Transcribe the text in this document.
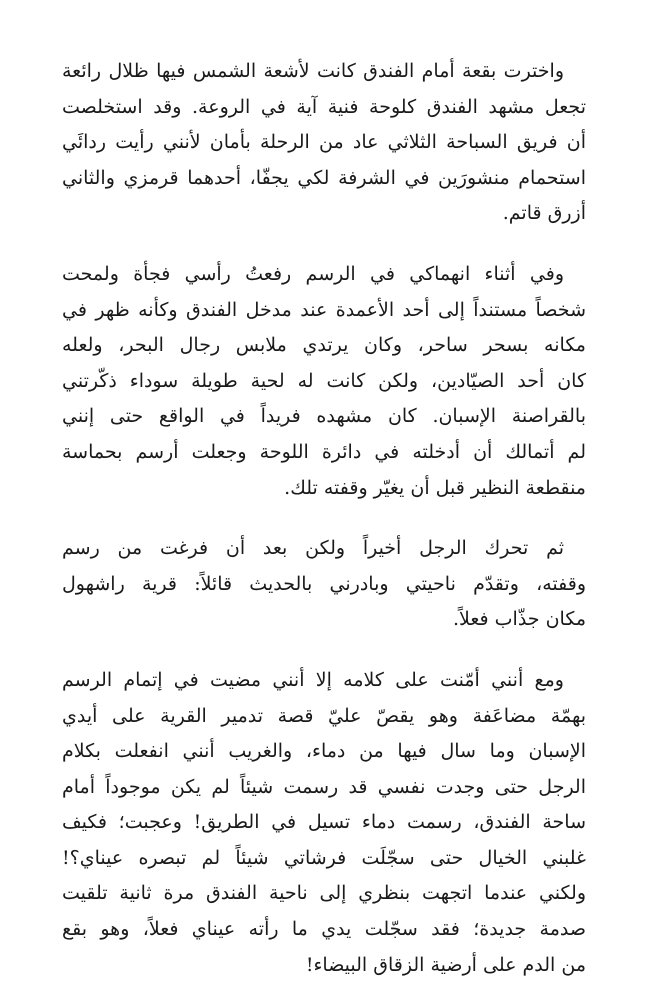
واخترت بقعة أمام الفندق كانت لأشعة الشمس فيها ظلال رائعة
تجعل مشهد الفندق كلوحة فنية آية في الروعة. وقد استخلصت
أن فريق السباحة الثلاثي عاد من الرحلة بأمان لأنني رأيت ردائَي
استحمام منشورَين في الشرفة لكي يجفّا، أحدهما قرمزي والثاني
أزرق قاتم.
وفي أثناء انهماكي في الرسم رفعتُ رأسي فجأة ولمحت
شخصاً مستنداً إلى أحد الأعمدة عند مدخل الفندق وكأنه ظهر في
مكانه بسحر ساحر، وكان يرتدي ملابس رجال البحر، ولعله
كان أحد الصيّادين، ولكن كانت له لحية طويلة سوداء ذكّرتني
بالقراصنة الإسبان. كان مشهده فريداً في الواقع حتى إنني
لم أتمالك أن أدخلته في دائرة اللوحة وجعلت أرسم بحماسة
منقطعة النظير قبل أن يغيّر وقفته تلك.
ثم تحرك الرجل أخيراً ولكن بعد أن فرغت من رسم
وقفته، وتقدّم ناحيتي وبادرني بالحديث قائلاً: قرية راشهول
مكان جذّاب فعلاً.
ومع أنني أمّنت على كلامه إلا أنني مضيت في إتمام الرسم
بهمّة مضاعَفة وهو يقصّ عليّ قصة تدمير القرية على أيدي
الإسبان وما سال فيها من دماء، والغريب أنني انفعلت بكلام
الرجل حتى وجدت نفسي قد رسمت شيئاً لم يكن موجوداً أمام
ساحة الفندق، رسمت دماء تسيل في الطريق! وعجبت؛ فكيف
غلبني الخيال حتى سجّلَت فرشاتي شيئاً لم تبصره عيناي؟!
ولكني عندما اتجهت بنظري إلى ناحية الفندق مرة ثانية تلقيت
صدمة جديدة؛ فقد سجّلت يدي ما رأته عيناي فعلاً، وهو بقع
من الدم على أرضية الزقاق البيضاء!
